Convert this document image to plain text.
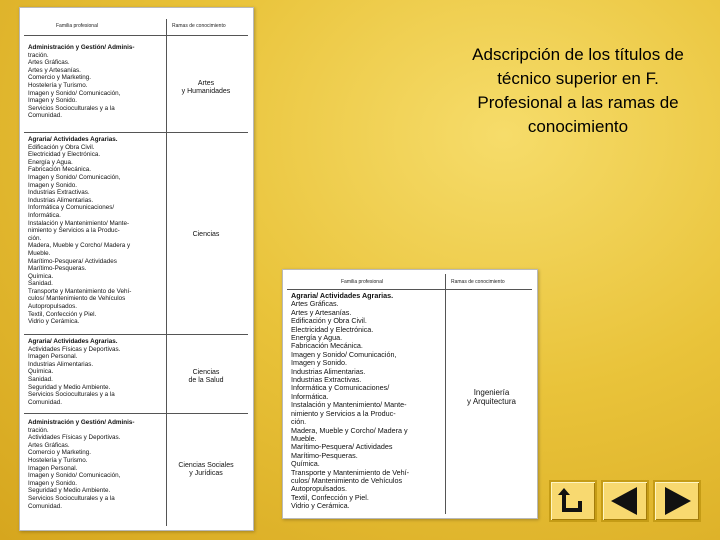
Familia profesional	Ramas de conocimiento
Administración y Gestión/ Adminis-
tración.
Artes Gráficas.
Artes y Artesanías.
Comercio y Marketing.
Hostelería y Turismo.
Imagen y Sonido/ Comunicación,
Imagen y Sonido.
Servicios Socioculturales y a la
Comunidad.
Artes
y Humanidades
Agraria/ Actividades Agrarias.
Edificación y Obra Civil.
Electricidad y Electrónica.
Energía y Agua.
Fabricación Mecánica.
Imagen y Sonido/ Comunicación,
Imagen y Sonido.
Industrias Extractivas.
Industrias Alimentarias.
Informática y Comunicaciones/
Informática.
Instalación y Mantenimiento/ Mante-
nimiento y Servicios a la Produc-
ción.
Madera, Mueble y Corcho/ Madera y
Mueble.
Marítimo-Pesquera/ Actividades
Marítimo-Pesqueras.
Química.
Sanidad.
Transporte y Mantenimiento de Vehí-
culos/ Mantenimiento de Vehículos
Autopropulsados.
Textil, Confección y Piel.
Vidrio y Cerámica.
Ciencias
Agraria/ Actividades Agrarias.
Actividades Físicas y Deportivas.
Imagen Personal.
Industrias Alimentarias.
Química.
Sanidad.
Seguridad y Medio Ambiente.
Servicios Socioculturales y a la
Comunidad.
Ciencias
de la Salud
Administración y Gestión/ Adminis-
tración.
Actividades Físicas y Deportivas.
Artes Gráficas.
Comercio y Marketing.
Hostelería y Turismo.
Imagen Personal.
Imagen y Sonido/ Comunicación,
Imagen y Sonido.
Seguridad y Medio Ambiente.
Servicios Socioculturales y a la
Comunidad.
Ciencias Sociales
y Jurídicas
Familia profesional	Ramas de conocimiento
Agraria/ Actividades Agrarias.
Artes Gráficas.
Artes y Artesanías.
Edificación y Obra Civil.
Electricidad y Electrónica.
Energía y Agua.
Fabricación Mecánica.
Imagen y Sonido/ Comunicación,
Imagen y Sonido.
Industrias Alimentarias.
Industrias Extractivas.
Informática y Comunicaciones/
Informática.
Instalación y Mantenimiento/ Mante-
nimiento y Servicios a la Produc-
ción.
Madera, Mueble y Corcho/ Madera y
Mueble.
Marítimo-Pesquera/ Actividades
Marítimo-Pesqueras.
Química.
Transporte y Mantenimiento de Vehí-
culos/ Mantenimiento de Vehículos
Autopropulsados.
Textil, Confección y Piel.
Vidrio y Cerámica.
Ingeniería
y Arquitectura
Adscripción de los títulos de técnico superior en F. Profesional a las ramas de conocimiento
